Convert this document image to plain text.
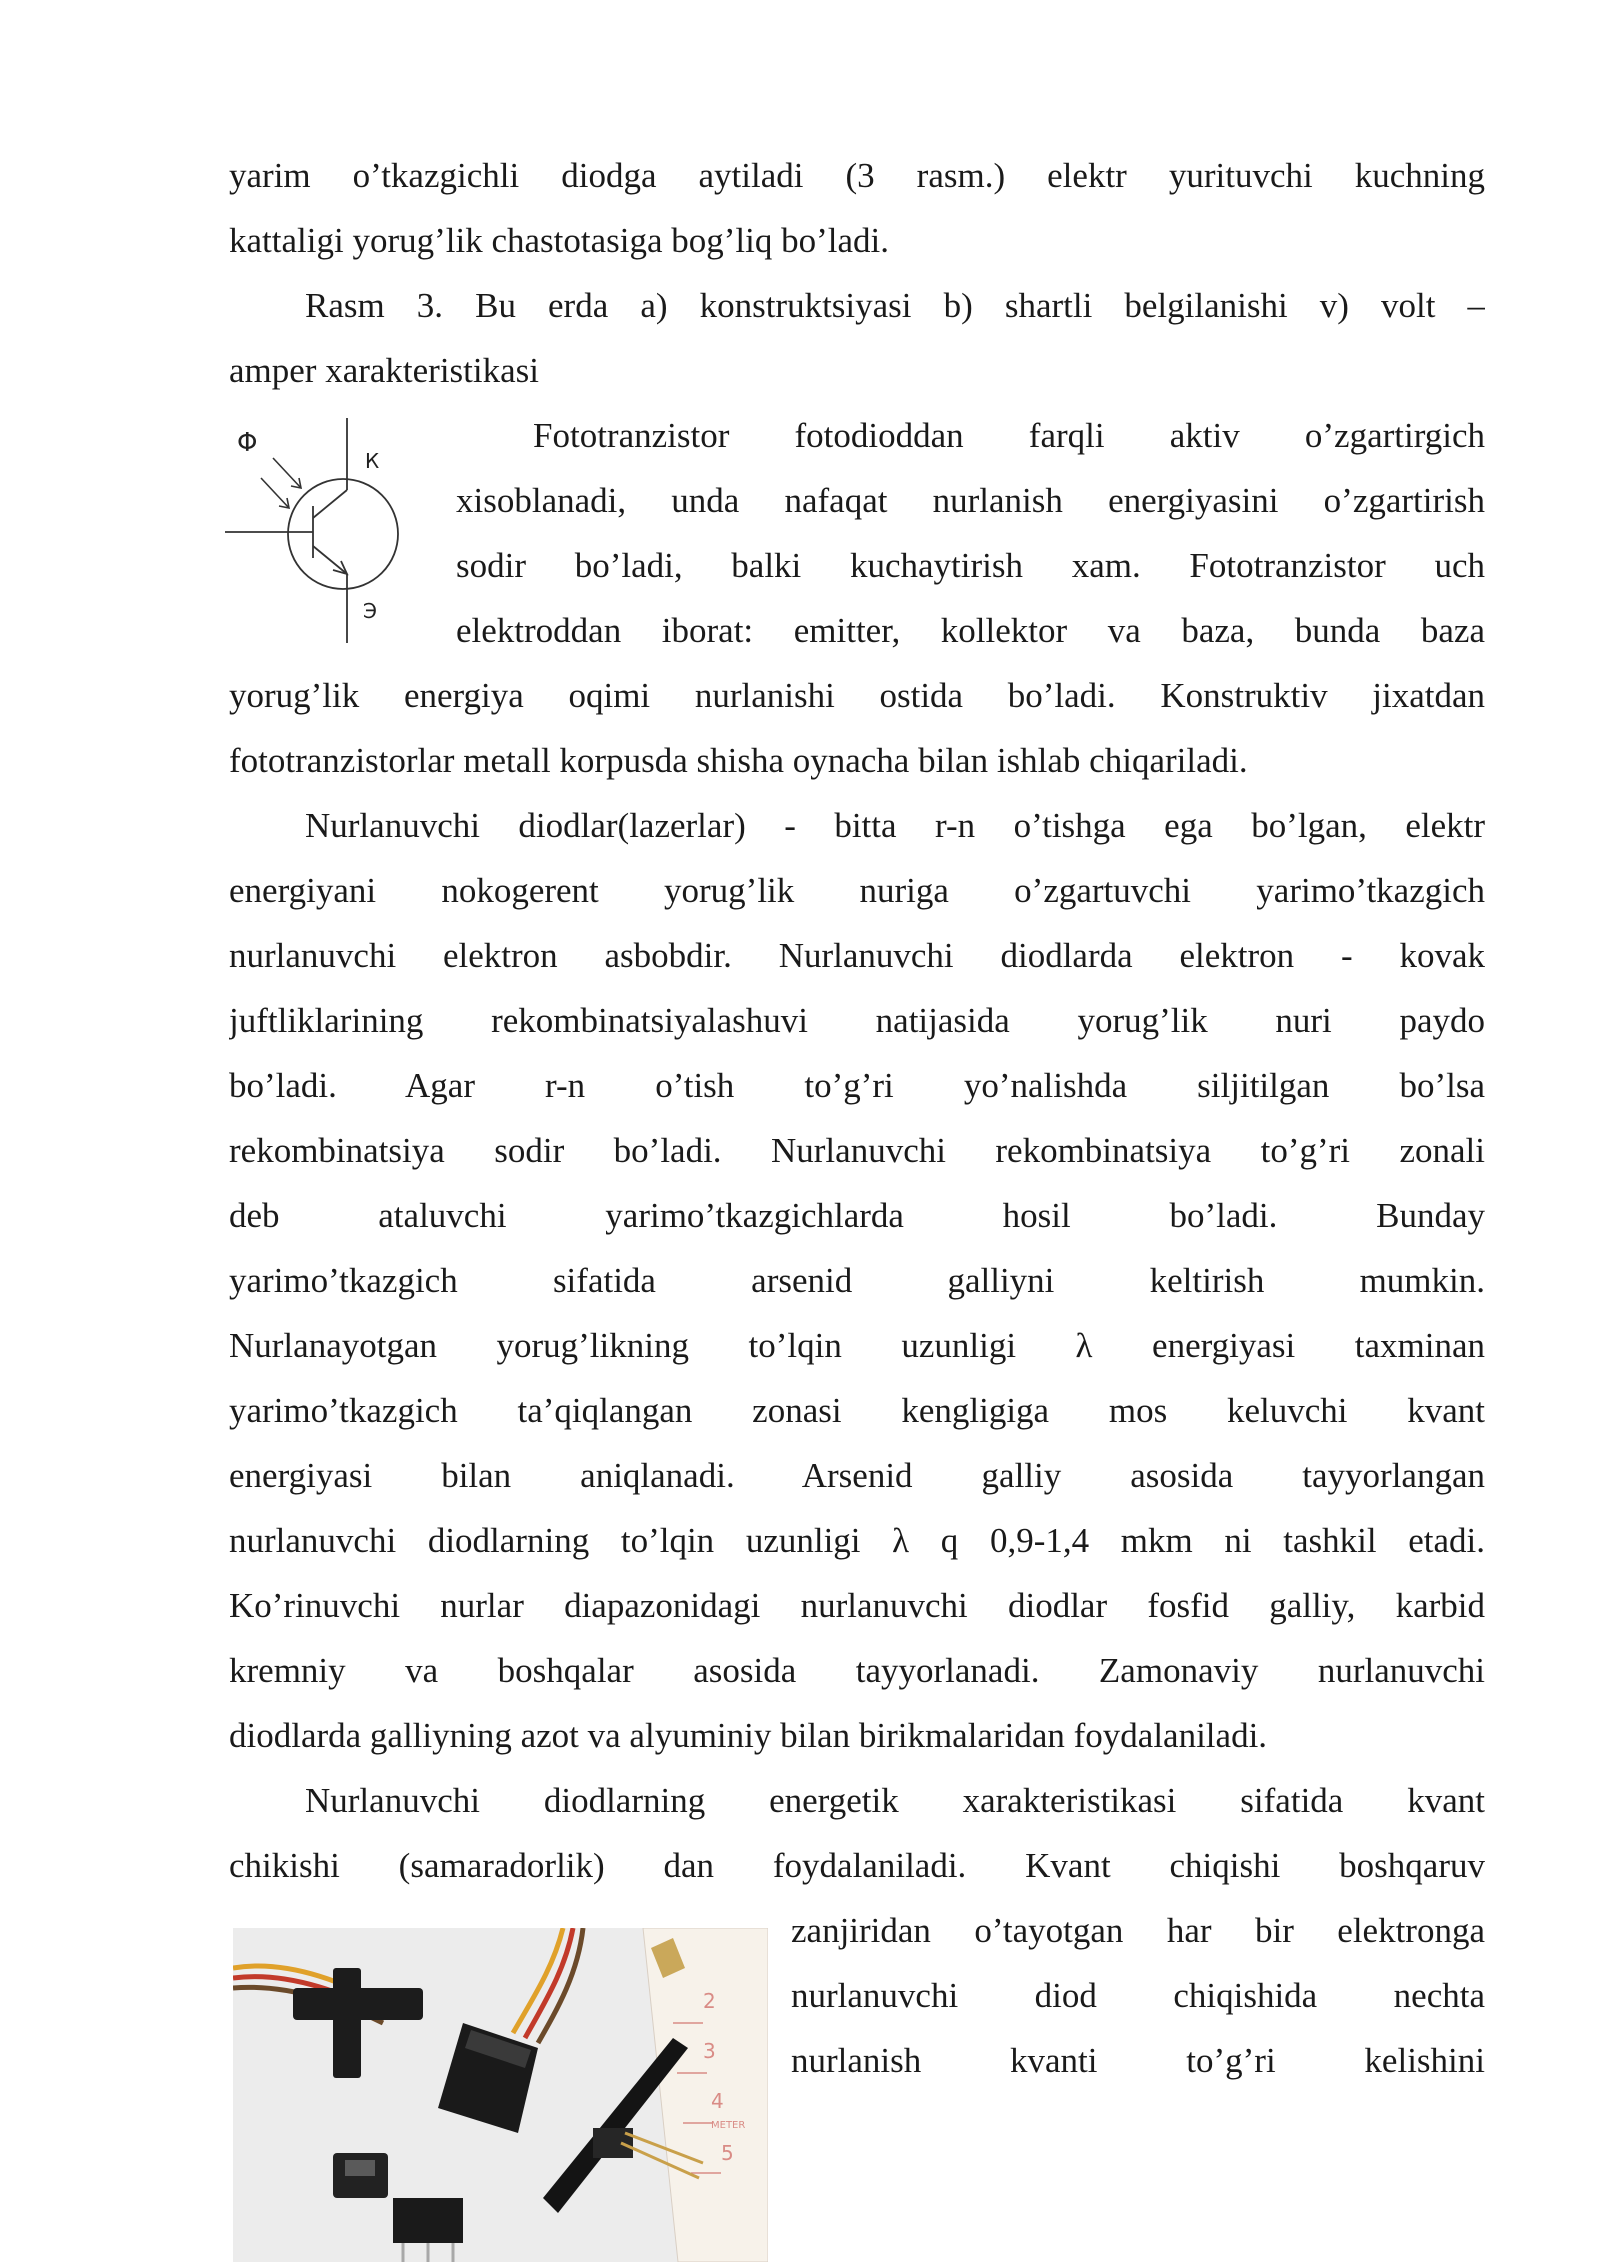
yarim o’tkazgichli diodga aytiladi (3 rasm.) elektr yurituvchi kuchning
kattaligi yorug’lik chastotasiga bog’liq bo’ladi.
Rasm 3. Bu erda a) konstruktsiyasi b) shartli belgilanishi v) volt –
amper xarakteristikasi
Fototranzistor fotodioddan farqli aktiv o’zgartirgich
xisoblanadi, unda nafaqat nurlanish energiyasini o’zgartirish
sodir bo’ladi, balki kuchaytirish xam. Fototranzistor uch
elektroddan iborat: emitter, kollektor va baza, bunda baza
yorug’lik energiya oqimi nurlanishi ostida bo’ladi. Konstruktiv jixatdan
fototranzistorlar metall korpusda shisha oynacha bilan ishlab chiqariladi.
Nurlanuvchi diodlar(lazerlar) - bitta r-n o’tishga ega bo’lgan, elektr
energiyani nokogerent yorug’lik nuriga o’zgartuvchi yarimo’tkazgich
nurlanuvchi elektron asbobdir. Nurlanuvchi diodlarda elektron - kovak
juftliklarining rekombinatsiyalashuvi natijasida yorug’lik nuri paydo
bo’ladi. Agar r-n o’tish to’g’ri yo’nalishda siljitilgan bo’lsa
rekombinatsiya sodir bo’ladi. Nurlanuvchi rekombinatsiya to’g’ri zonali
deb ataluvchi yarimo’tkazgichlarda hosil bo’ladi. Bunday
yarimo’tkazgich sifatida arsenid galliyni keltirish mumkin.
Nurlanayotgan yorug’likning to’lqin uzunligi λ energiyasi taxminan
yarimo’tkazgich ta’qiqlangan zonasi kengligiga mos keluvchi kvant
energiyasi bilan aniqlanadi. Arsenid galliy asosida tayyorlangan
nurlanuvchi diodlarning to’lqin uzunligi λ q 0,9-1,4 mkm ni tashkil etadi.
Ko’rinuvchi nurlar diapazonidagi nurlanuvchi diodlar fosfid galliy, karbid
kremniy va boshqalar asosida tayyorlanadi. Zamonaviy nurlanuvchi
diodlarda galliyning azot va alyuminiy bilan birikmalaridan foydalaniladi.
Nurlanuvchi diodlarning energetik xarakteristikasi sifatida kvant
chikishi (samaradorlik) dan foydalaniladi. Kvant chiqishi boshqaruv
zanjiridan o’tayotgan har bir elektronga
nurlanuvchi diod chiqishida nechta
nurlanish kvanti to’g’ri kelishini
Φ
К
Э
2
3
4
5
METER
